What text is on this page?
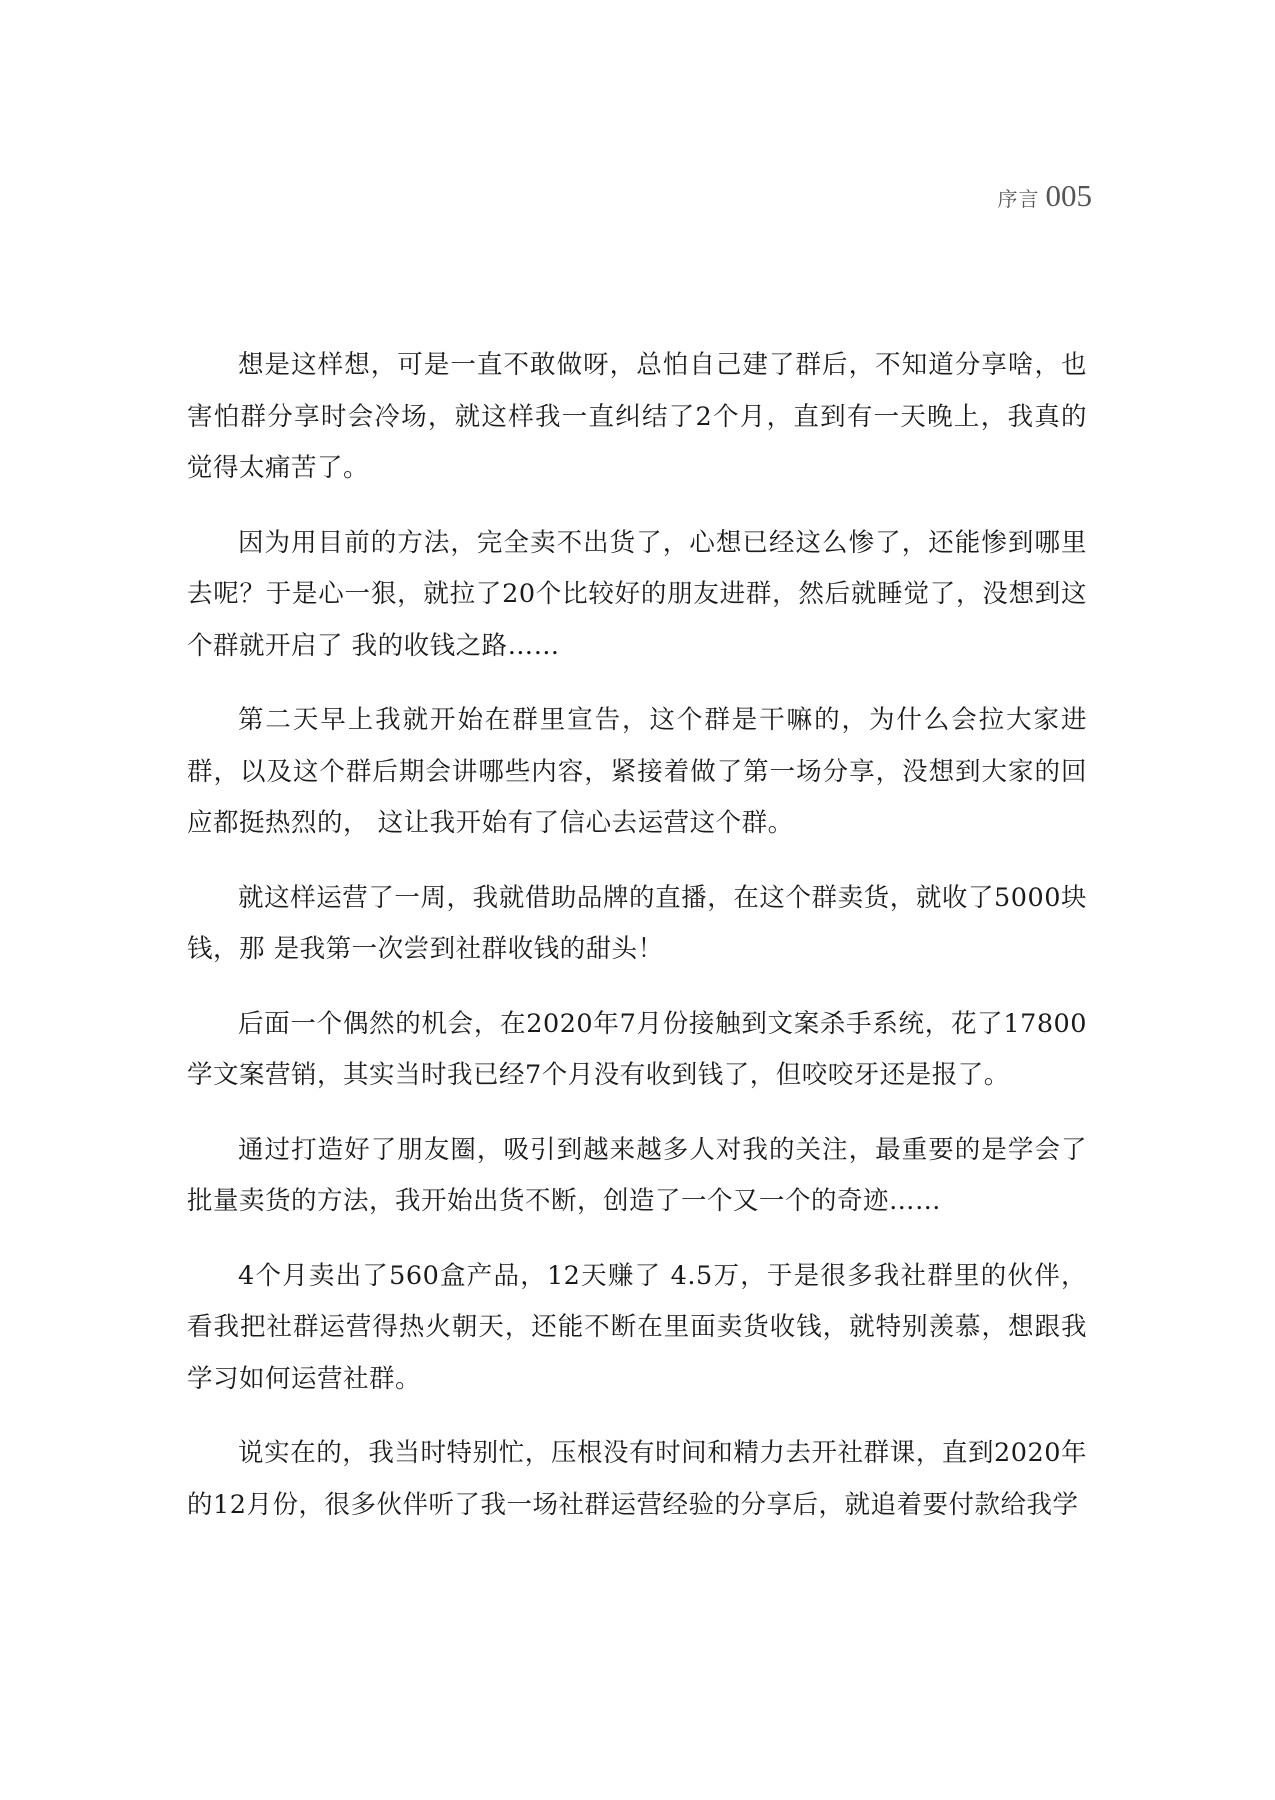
序言 005

想是这样想，可是一直不敢做呀，总怕自己建了群后，不知道分享啥，也害怕群分享时会冷场，就这样我一直纠结了2个月，直到有一天晚上，我真的觉得太痛苦了。

因为用目前的方法，完全卖不出货了，心想已经这么惨了，还能惨到哪里去呢？于是心一狠，就拉了20个比较好的朋友进群，然后就睡觉了，没想到这个群就开启了 我的收钱之路……

第二天早上我就开始在群里宣告，这个群是干嘛的，为什么会拉大家进群，以及这个群后期会讲哪些内容，紧接着做了第一场分享，没想到大家的回应都挺热烈的， 这让我开始有了信心去运营这个群。

就这样运营了一周，我就借助品牌的直播，在这个群卖货，就收了5000块钱，那 是我第一次尝到社群收钱的甜头！

后面一个偶然的机会，在2020年7月份接触到文案杀手系统，花了17800学文案营销，其实当时我已经7个月没有收到钱了，但咬咬牙还是报了。

通过打造好了朋友圈，吸引到越来越多人对我的关注，最重要的是学会了批量卖货的方法，我开始出货不断，创造了一个又一个的奇迹……

4个月卖出了560盒产品，12天赚了 4.5万，于是很多我社群里的伙伴，看我把社群运营得热火朝天，还能不断在里面卖货收钱，就特别羡慕，想跟我学习如何运营社群。

说实在的，我当时特别忙，压根没有时间和精力去开社群课，直到2020年的12月份，很多伙伴听了我一场社群运营经验的分享后，就追着要付款给我学
